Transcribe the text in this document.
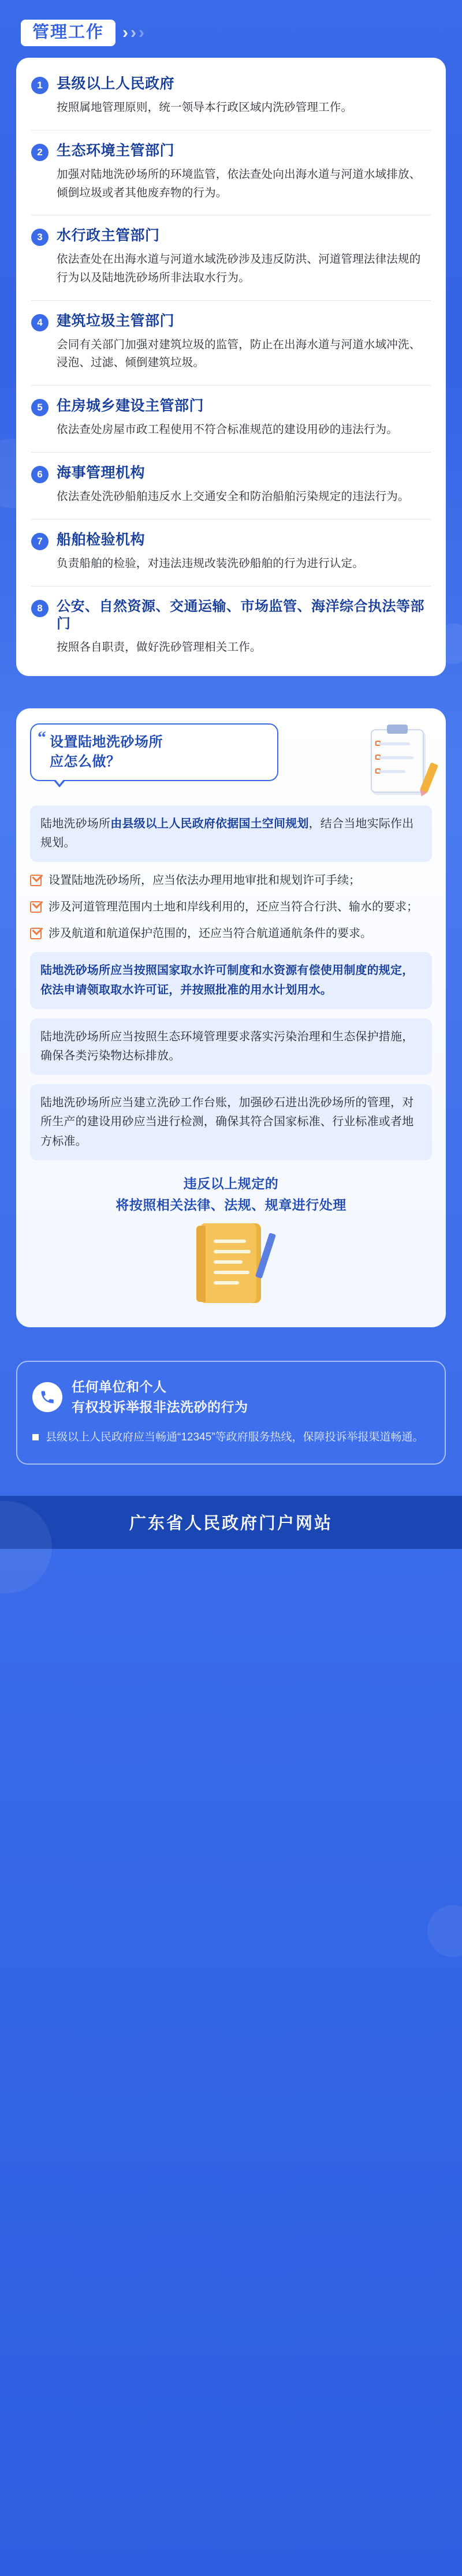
管理工作	› › ›
1 县级以上人民政府
按照属地管理原则，统一领导本行政区域内洗砂管理工作。
2 生态环境主管部门
加强对陆地洗砂场所的环境监管，依法查处向出海水道与河道水域排放、倾倒垃圾或者其他废弃物的行为。
3 水行政主管部门
依法查处在出海水道与河道水域洗砂涉及违反防洪、河道管理法律法规的行为以及陆地洗砂场所非法取水行为。
4 建筑垃圾主管部门
会同有关部门加强对建筑垃圾的监管，防止在出海水道与河道水域冲洗、浸泡、过滤、倾倒建筑垃圾。
5 住房城乡建设主管部门
依法查处房屋市政工程使用不符合标准规范的建设用砂的违法行为。
6 海事管理机构
依法查处洗砂船舶违反水上交通安全和防治船舶污染规定的违法行为。
7 船舶检验机构
负责船舶的检验，对违法违规改装洗砂船舶的行为进行认定。
8	公安、自然资源、交通运输、市场监管、海洋综合执法等部门
按照各自职责，做好洗砂管理相关工作。
“ 设置陆地洗砂场所
应怎么做？
陆地洗砂场所由县级以上人民政府依据国土空间规划，结合当地实际作出规划。
设置陆地洗砂场所，应当依法办理用地审批和规划许可手续；
涉及河道管理范围内土地和岸线利用的，还应当符合行洪、输水的要求；
涉及航道和航道保护范围的，还应当符合航道通航条件的要求。
陆地洗砂场所应当按照国家取水许可制度和水资源有偿使用制度的规定，依法申请领取取水许可证，并按照批准的用水计划用水。
陆地洗砂场所应当按照生态环境管理要求落实污染治理和生态保护措施，确保各类污染物达标排放。
陆地洗砂场所应当建立洗砂工作台账，加强砂石进出洗砂场所的管理，对所生产的建设用砂应当进行检测，确保其符合国家标准、行业标准或者地方标准。
违反以上规定的
将按照相关法律、法规、规章进行处理
任何单位和个人
有权投诉举报非法洗砂的行为
县级以上人民政府应当畅通“12345”等政府服务热线，保障投诉举报渠道畅通。
广东省人民政府门户网站
